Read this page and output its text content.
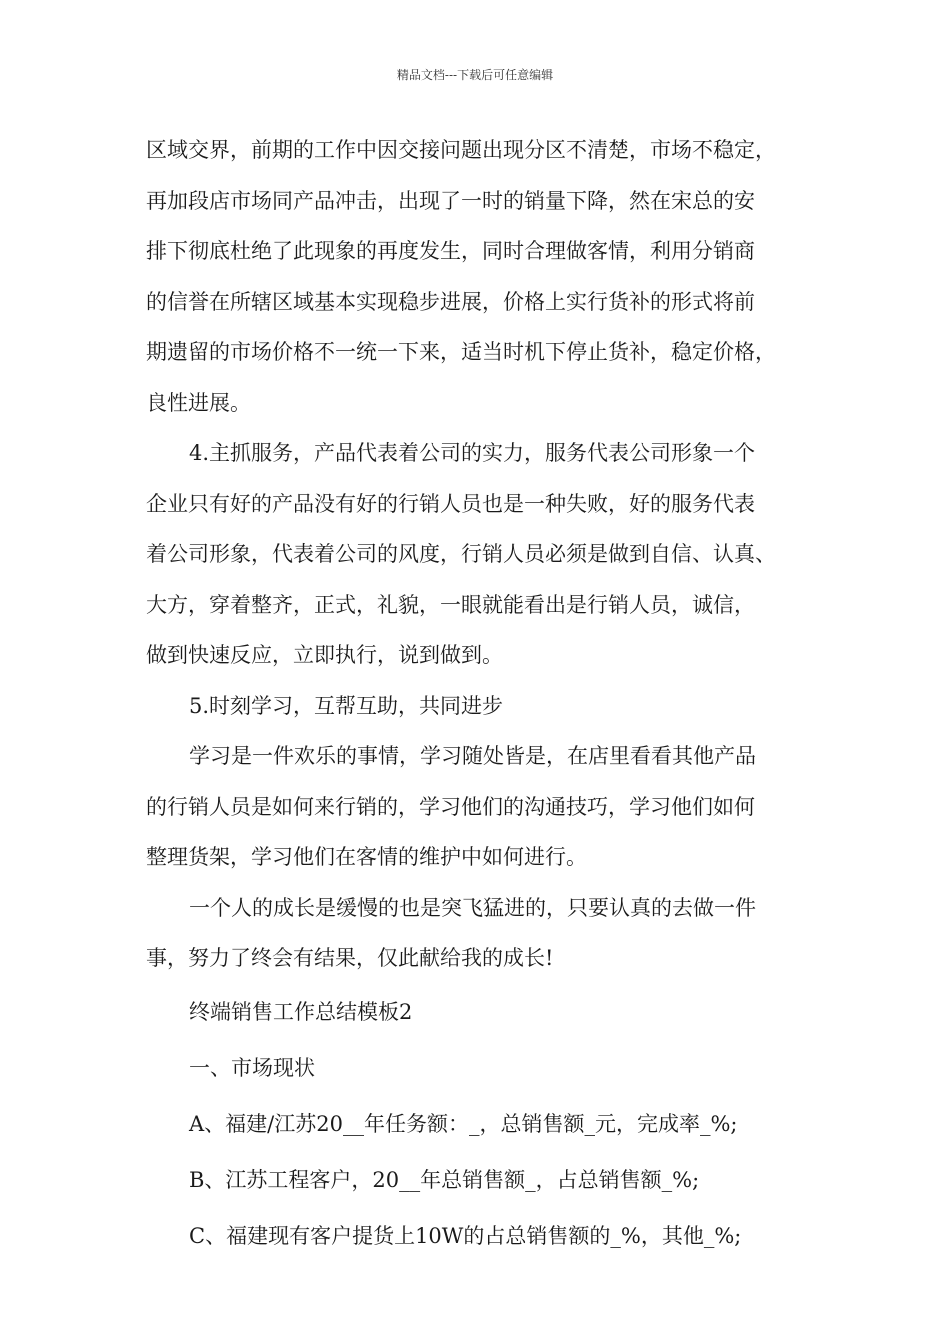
精品文档---下载后可任意编辑
区域交界，前期的工作中因交接问题出现分区不清楚，市场不稳定，
再加段店市场同产品冲击，出现了一时的销量下降，然在宋总的安
排下彻底杜绝了此现象的再度发生，同时合理做客情，利用分销商
的信誉在所辖区域基本实现稳步进展，价格上实行货补的形式将前
期遗留的市场价格不一统一下来，适当时机下停止货补，稳定价格，
良性进展。
4.主抓服务，产品代表着公司的实力，服务代表公司形象一个
企业只有好的产品没有好的行销人员也是一种失败，好的服务代表
着公司形象，代表着公司的风度，行销人员必须是做到自信、认真、
大方，穿着整齐，正式，礼貌，一眼就能看出是行销人员，诚信，
做到快速反应，立即执行，说到做到。
5.时刻学习，互帮互助，共同进步
学习是一件欢乐的事情，学习随处皆是，在店里看看其他产品
的行销人员是如何来行销的，学习他们的沟通技巧，学习他们如何
整理货架，学习他们在客情的维护中如何进行。
一个人的成长是缓慢的也是突飞猛进的，只要认真的去做一件
事，努力了终会有结果，仅此献给我的成长!
终端销售工作总结模板2
一、市场现状
A、福建/江苏20__年任务额：_，总销售额_元，完成率_%;
B、江苏工程客户，20__年总销售额_，占总销售额_%;
C、福建现有客户提货上10W的占总销售额的_%，其他_%;
